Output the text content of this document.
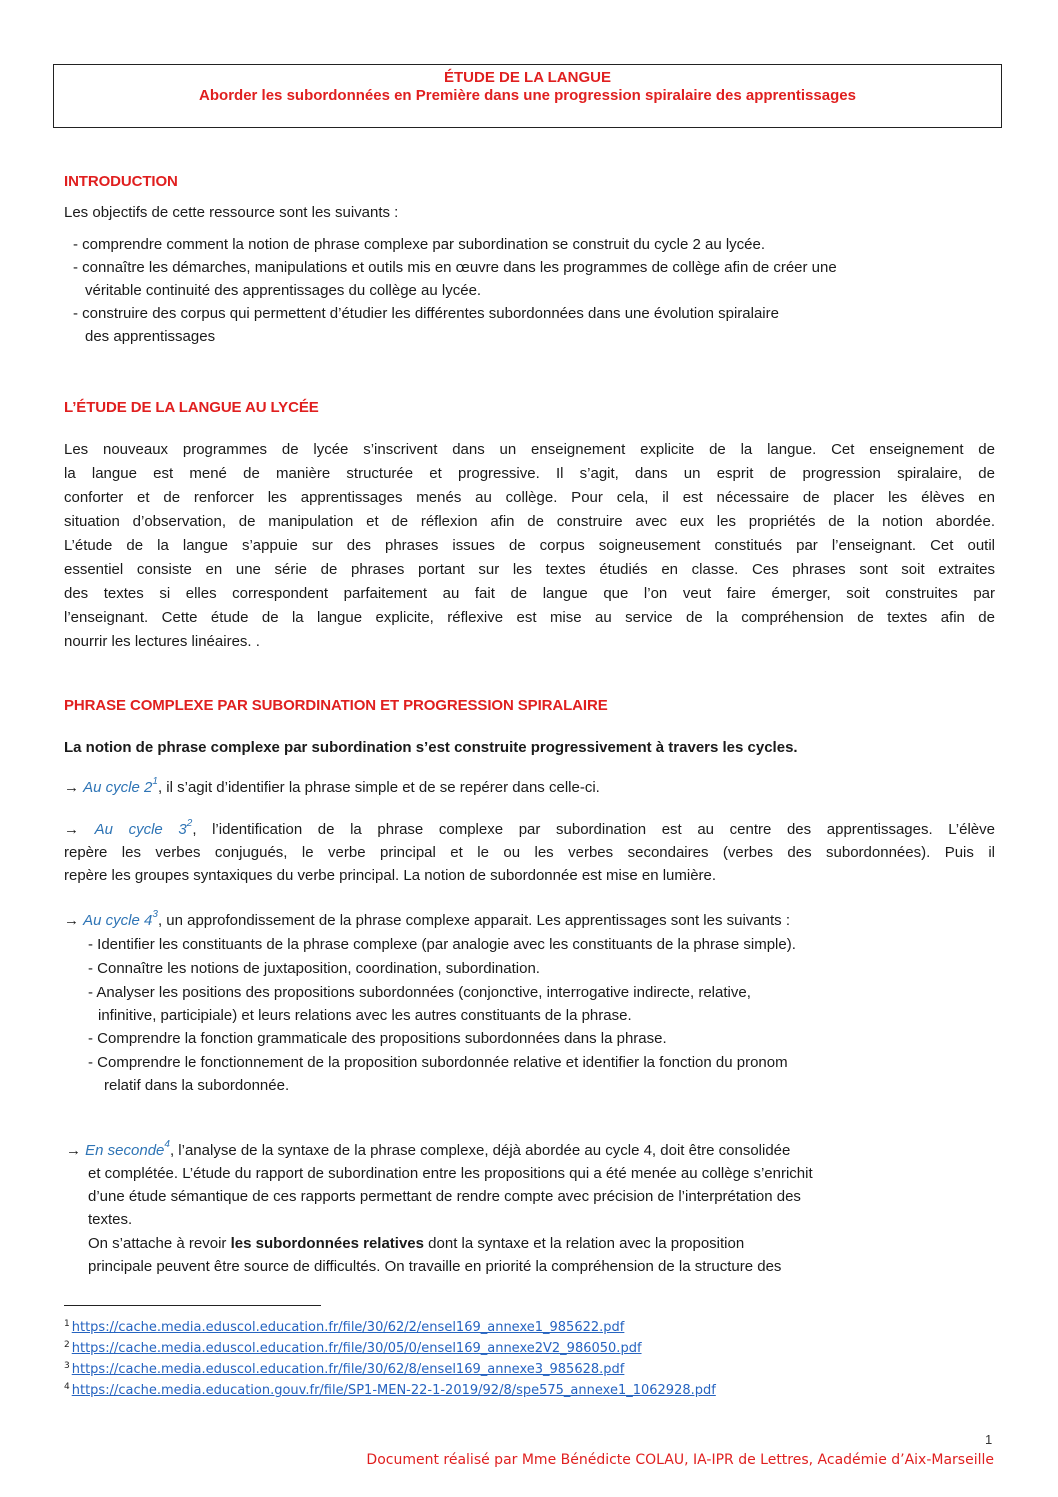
ÉTUDE DE LA LANGUE
Aborder les subordonnées en Première dans une progression spiralaire des apprentissages
INTRODUCTION
Les objectifs de cette ressource sont les suivants :
- comprendre comment la notion de phrase complexe par subordination se construit du cycle 2 au lycée.
- connaître les démarches, manipulations et outils mis en œuvre dans les programmes de collège afin de créer une
véritable continuité des apprentissages du collège au lycée.
- construire des corpus qui permettent d’étudier les différentes subordonnées dans une évolution spiralaire
des apprentissages
L’ÉTUDE DE LA LANGUE AU LYCÉE
Les nouveaux programmes de lycée s’inscrivent dans un enseignement explicite de la langue. Cet enseignement de
la langue est mené de manière structurée et progressive. Il s’agit, dans un esprit de progression spiralaire, de
conforter et de renforcer les apprentissages menés au collège. Pour cela, il est nécessaire de placer les élèves en
situation d’observation, de manipulation et de réflexion afin de construire avec eux les propriétés de la notion abordée.
L’étude de la langue s’appuie sur des phrases issues de corpus soigneusement constitués par l’enseignant. Cet outil
essentiel consiste en une série de phrases portant sur les textes étudiés en classe. Ces phrases sont soit extraites
des textes si elles correspondent parfaitement au fait de langue que l’on veut faire émerger, soit construites par
l’enseignant. Cette étude de la langue explicite, réflexive est mise au service de la compréhension de textes afin de
nourrir les lectures linéaires. .
PHRASE COMPLEXE PAR SUBORDINATION ET PROGRESSION SPIRALAIRE
La notion de phrase complexe par subordination s’est construite progressivement à travers les cycles.
→ Au cycle $2^1$, il s’agit d’identifier la phrase simple et de se repérer dans celle-ci.
→ Au cycle $3^2$, l’identification de la phrase complexe par subordination est au centre des apprentissages. L’élève
repère les verbes conjugués, le verbe principal et le ou les verbes secondaires (verbes des subordonnées). Puis il
repère les groupes syntaxiques du verbe principal. La notion de subordonnée est mise en lumière.
→ Au cycle $4^3$, un approfondissement de la phrase complexe apparait. Les apprentissages sont les suivants :
- Identifier les constituants de la phrase complexe (par analogie avec les constituants de la phrase simple).
- Connaître les notions de juxtaposition, coordination, subordination.
- Analyser les positions des propositions subordonnées (conjonctive, interrogative indirecte, relative,
infinitive, participiale) et leurs relations avec les autres constituants de la phrase.
- Comprendre la fonction grammaticale des propositions subordonnées dans la phrase.
- Comprendre le fonctionnement de la proposition subordonnée relative et identifier la fonction du pronom
relatif dans la subordonnée.
→ En seconde$^4$, l’analyse de la syntaxe de la phrase complexe, déjà abordée au cycle 4, doit être consolidée
et complétée. L’étude du rapport de subordination entre les propositions qui a été menée au collège s’enrichit
d’une étude sémantique de ces rapports permettant de rendre compte avec précision de l’interprétation des
textes.
On s’attache à revoir les subordonnées relatives dont la syntaxe et la relation avec la proposition
principale peuvent être source de difficultés. On travaille en priorité la compréhension de la structure des
$^1$ https://cache.media.eduscol.education.fr/file/30/62/2/ensel169_annexe1_985622.pdf
$^2$ https://cache.media.eduscol.education.fr/file/30/05/0/ensel169_annexe2V2_986050.pdf
$^3$ https://cache.media.eduscol.education.fr/file/30/62/8/ensel169_annexe3_985628.pdf
$^4$ https://cache.media.education.gouv.fr/file/SP1-MEN-22-1-2019/92/8/spe575_annexe1_1062928.pdf
1
Document réalisé par Mme Bénédicte COLAU, IA-IPR de Lettres, Académie d’Aix-Marseille
